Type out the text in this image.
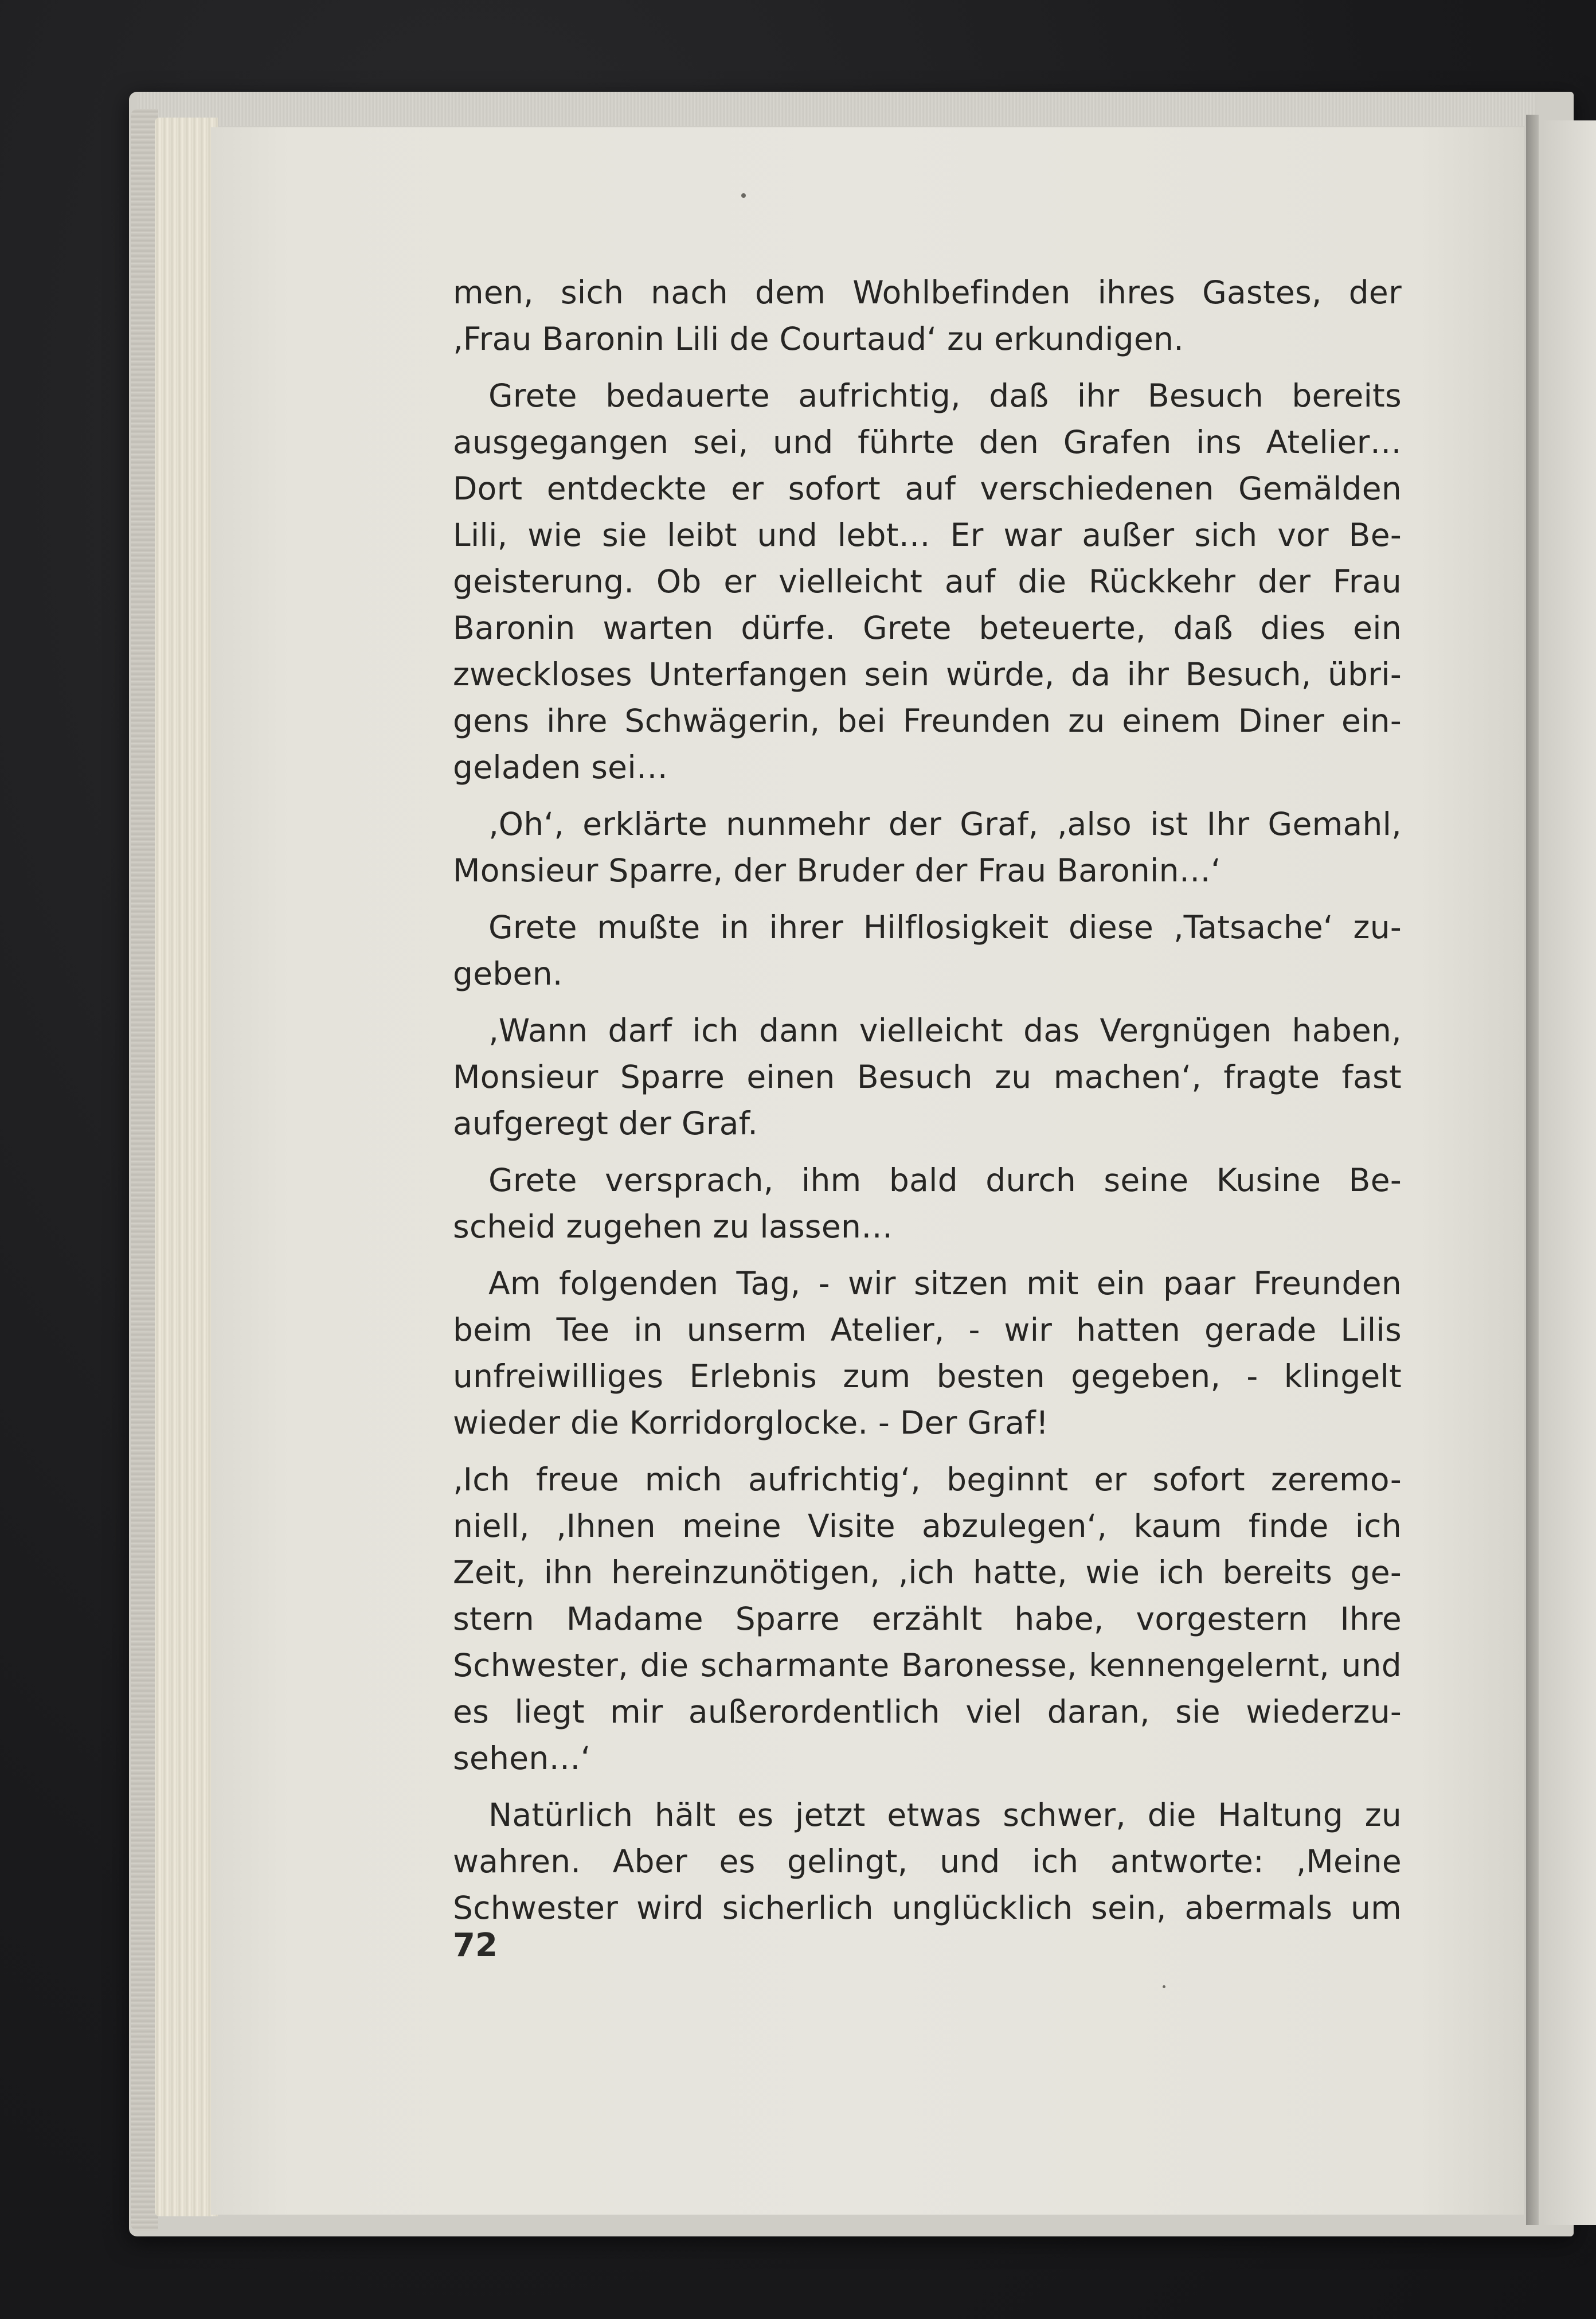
men, sich nach dem Wohlbefinden ihres Gastes, der
‚Frau Baronin Lili de Courtaud‘ zu erkundigen.
Grete bedauerte aufrichtig, daß ihr Besuch bereits
ausgegangen sei, und führte den Grafen ins Atelier…
Dort entdeckte er sofort auf verschiedenen Gemälden
Lili, wie sie leibt und lebt… Er war außer sich vor Be-
geisterung. Ob er vielleicht auf die Rückkehr der Frau
Baronin warten dürfe. Grete beteuerte, daß dies ein
zweckloses Unterfangen sein würde, da ihr Besuch, übri-
gens ihre Schwägerin, bei Freunden zu einem Diner ein-
geladen sei…
‚Oh‘, erklärte nunmehr der Graf, ‚also ist Ihr Gemahl,
Monsieur Sparre, der Bruder der Frau Baronin…‘
Grete mußte in ihrer Hilflosigkeit diese ‚Tatsache‘ zu-
geben.
‚Wann darf ich dann vielleicht das Vergnügen haben,
Monsieur Sparre einen Besuch zu machen‘, fragte fast
aufgeregt der Graf.
Grete versprach, ihm bald durch seine Kusine Be-
scheid zugehen zu lassen…
Am folgenden Tag, - wir sitzen mit ein paar Freunden
beim Tee in unserm Atelier, - wir hatten gerade Lilis
unfreiwilliges Erlebnis zum besten gegeben, - klingelt
wieder die Korridorglocke. - Der Graf!
‚Ich freue mich aufrichtig‘, beginnt er sofort zeremo-
niell, ‚Ihnen meine Visite abzulegen‘, kaum finde ich
Zeit, ihn hereinzunötigen, ‚ich hatte, wie ich bereits ge-
stern Madame Sparre erzählt habe, vorgestern Ihre
Schwester, die scharmante Baronesse, kennengelernt, und
es liegt mir außerordentlich viel daran, sie wiederzu-
sehen…‘
Natürlich hält es jetzt etwas schwer, die Haltung zu
wahren. Aber es gelingt, und ich antworte: ‚Meine
Schwester wird sicherlich unglücklich sein, abermals um
72
